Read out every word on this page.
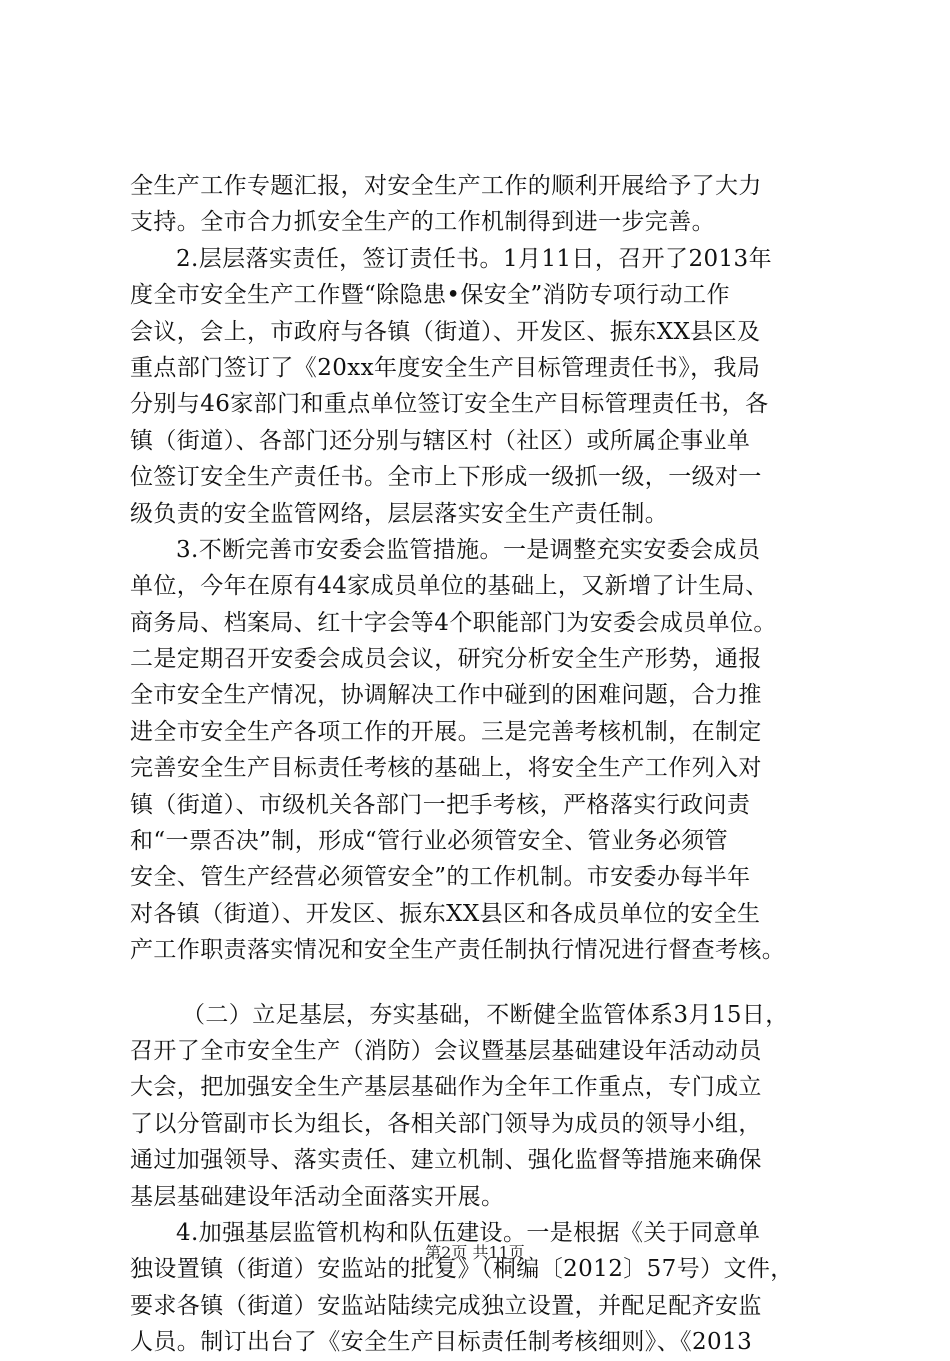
全生产工作专题汇报，对安全生产工作的顺利开展给予了大力
支持。全市合力抓安全生产的工作机制得到进一步完善。
2.层层落实责任，签订责任书。1月11日，召开了2013年
度全市安全生产工作暨“除隐患•保安全”消防专项行动工作
会议，会上，市政府与各镇（街道）、开发区、振东XX县区及
重点部门签订了《20xx年度安全生产目标管理责任书》，我局
分别与46家部门和重点单位签订安全生产目标管理责任书，各
镇（街道）、各部门还分别与辖区村（社区）或所属企事业单
位签订安全生产责任书。全市上下形成一级抓一级，一级对一
级负责的安全监管网络，层层落实安全生产责任制。
3.不断完善市安委会监管措施。一是调整充实安委会成员
单位，今年在原有44家成员单位的基础上，又新增了计生局、
商务局、档案局、红十字会等4个职能部门为安委会成员单位。
二是定期召开安委会成员会议，研究分析安全生产形势，通报
全市安全生产情况，协调解决工作中碰到的困难问题，合力推
进全市安全生产各项工作的开展。三是完善考核机制，在制定
完善安全生产目标责任考核的基础上，将安全生产工作列入对
镇（街道）、市级机关各部门一把手考核，严格落实行政问责
和“一票否决”制，形成“管行业必须管安全、管业务必须管
安全、管生产经营必须管安全”的工作机制。市安委办每半年
对各镇（街道）、开发区、振东XX县区和各成员单位的安全生
产工作职责落实情况和安全生产责任制执行情况进行督查考核。
（二）立足基层，夯实基础，不断健全监管体系3月15日，
召开了全市安全生产（消防）会议暨基层基础建设年活动动员
大会，把加强安全生产基层基础作为全年工作重点，专门成立
了以分管副市长为组长，各相关部门领导为成员的领导小组，
通过加强领导、落实责任、建立机制、强化监督等措施来确保
基层基础建设年活动全面落实开展。
4.加强基层监管机构和队伍建设。一是根据《关于同意单
独设置镇（街道）安监站的批复》（桐编〔2012〕57号）文件，
要求各镇（街道）安监站陆续完成独立设置，并配足配齐安监
人员。制订出台了《安全生产目标责任制考核细则》、《2013
第2页 共11页
